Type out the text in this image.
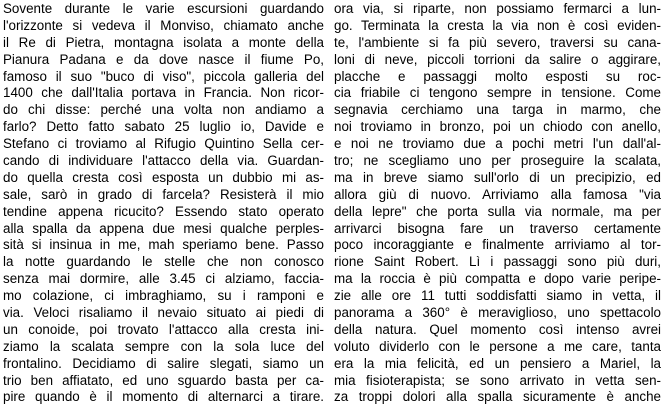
Sovente durante le varie escursioni guardando
l'orizzonte si vedeva il Monviso, chiamato anche
il Re di Pietra, montagna isolata a monte della
Pianura Padana e da dove nasce il fiume Po,
famoso il suo "buco di viso", piccola galleria del
1400 che dall'Italia portava in Francia. Non ricor-
do chi disse: perché una volta non andiamo a
farlo? Detto fatto sabato 25 luglio io, Davide e
Stefano ci troviamo al Rifugio Quintino Sella cer-
cando di individuare l'attacco della via. Guardan-
do quella cresta così esposta un dubbio mi as-
sale, sarò in grado di farcela? Resisterà il mio
tendine appena ricucito? Essendo stato operato
alla spalla da appena due mesi qualche perples-
sità si insinua in me, mah speriamo bene. Passo
la notte guardando le stelle che non conosco
senza mai dormire, alle 3.45 ci alziamo, faccia-
mo colazione, ci imbraghiamo, su i ramponi e
via. Veloci risaliamo il nevaio situato ai piedi di
un conoide, poi trovato l'attacco alla cresta ini-
ziamo la scalata sempre con la sola luce del
frontalino. Decidiamo di salire slegati, siamo un
trio ben affiatato, ed uno sguardo basta per ca-
pire quando è il momento di alternarci a tirare.
ora via, si riparte, non possiamo fermarci a lun-
go. Terminata la cresta la via non è così eviden-
te, l'ambiente si fa più severo, traversi su cana-
loni di neve, piccoli torrioni da salire o aggirare,
placche e passaggi molto esposti su roc-
cia friabile ci tengono sempre in tensione. Come
segnavia cerchiamo una targa in marmo, che
noi troviamo in bronzo, poi un chiodo con anello,
e noi ne troviamo due a pochi metri l'un dall'al-
tro; ne scegliamo uno per proseguire la scalata,
ma in breve siamo sull'orlo di un precipizio, ed
allora giù di nuovo. Arriviamo alla famosa "via
della lepre" che porta sulla via normale, ma per
arrivarci bisogna fare un traverso certamente
poco incoraggiante e finalmente arriviamo al tor-
rione Saint Robert. Lì i passaggi sono più duri,
ma la roccia è più compatta e dopo varie peripe-
zie alle ore 11 tutti soddisfatti siamo in vetta, il
panorama a 360° è meraviglioso, uno spettacolo
della natura. Quel momento così intenso avrei
voluto dividerlo con le persone a me care, tanta
era la mia felicità, ed un pensiero a Mariel, la
mia fisioterapista; se sono arrivato in vetta sen-
za troppi dolori alla spalla sicuramente è anche
